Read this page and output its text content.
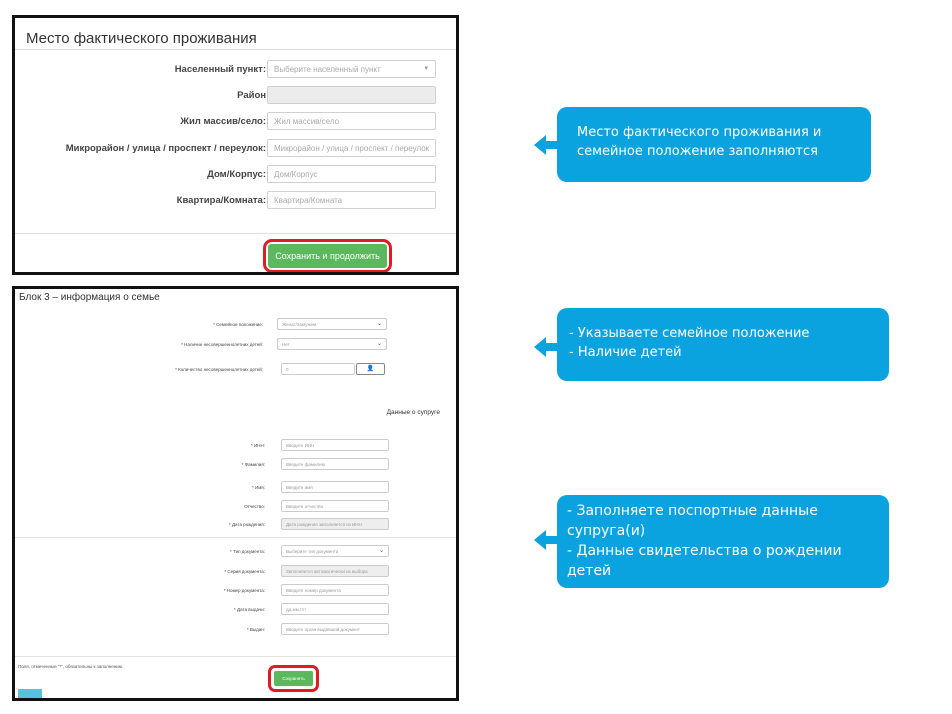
Место фактического проживания
Населенный пункт:	Выберите населенный пункт	▾
Район
Жил массив/село:	Жил массив/село
Микрорайон / улица / проспект / переулок:	Микрорайон / улица / проспект / переулок
Дом/Корпус:	Дом/Корпус
Квартира/Комната:	Квартира/Комната
Сохранить и продолжить
Блок 3 – информация о семье
* Семейное положение:	Женат/Замужем	⌄
* Наличие несовершеннолетних детей:	Нет	⌄
* Количество несовершеннолетних детей:	0	👤
Данные о супруге
* ИНН:	Введите ИНН
* Фамилия:	Введите фамилию
* Имя:	Введите имя
Отчество:	Введите отчество
* Дата рождения:	Дата рождения заполняется из ИНН
* Тип документа:	Выберите тип документа	⌄
* Серия документа:	Заполняется автоматически из выбора
* Номер документа:	Введите номер документа
* Дата выдачи:	дд.мм.гггг
* Выдан:	Введите орган выдавший документ
Поля, отмеченные "*", обязательны к заполнению.
Сохранить
Место фактического проживания и
семейное положение заполняются
- Указываете семейное положение
- Наличие детей
- Заполняете поспортные данные
супруга(и)
- Данные свидетельства о рождении
детей
